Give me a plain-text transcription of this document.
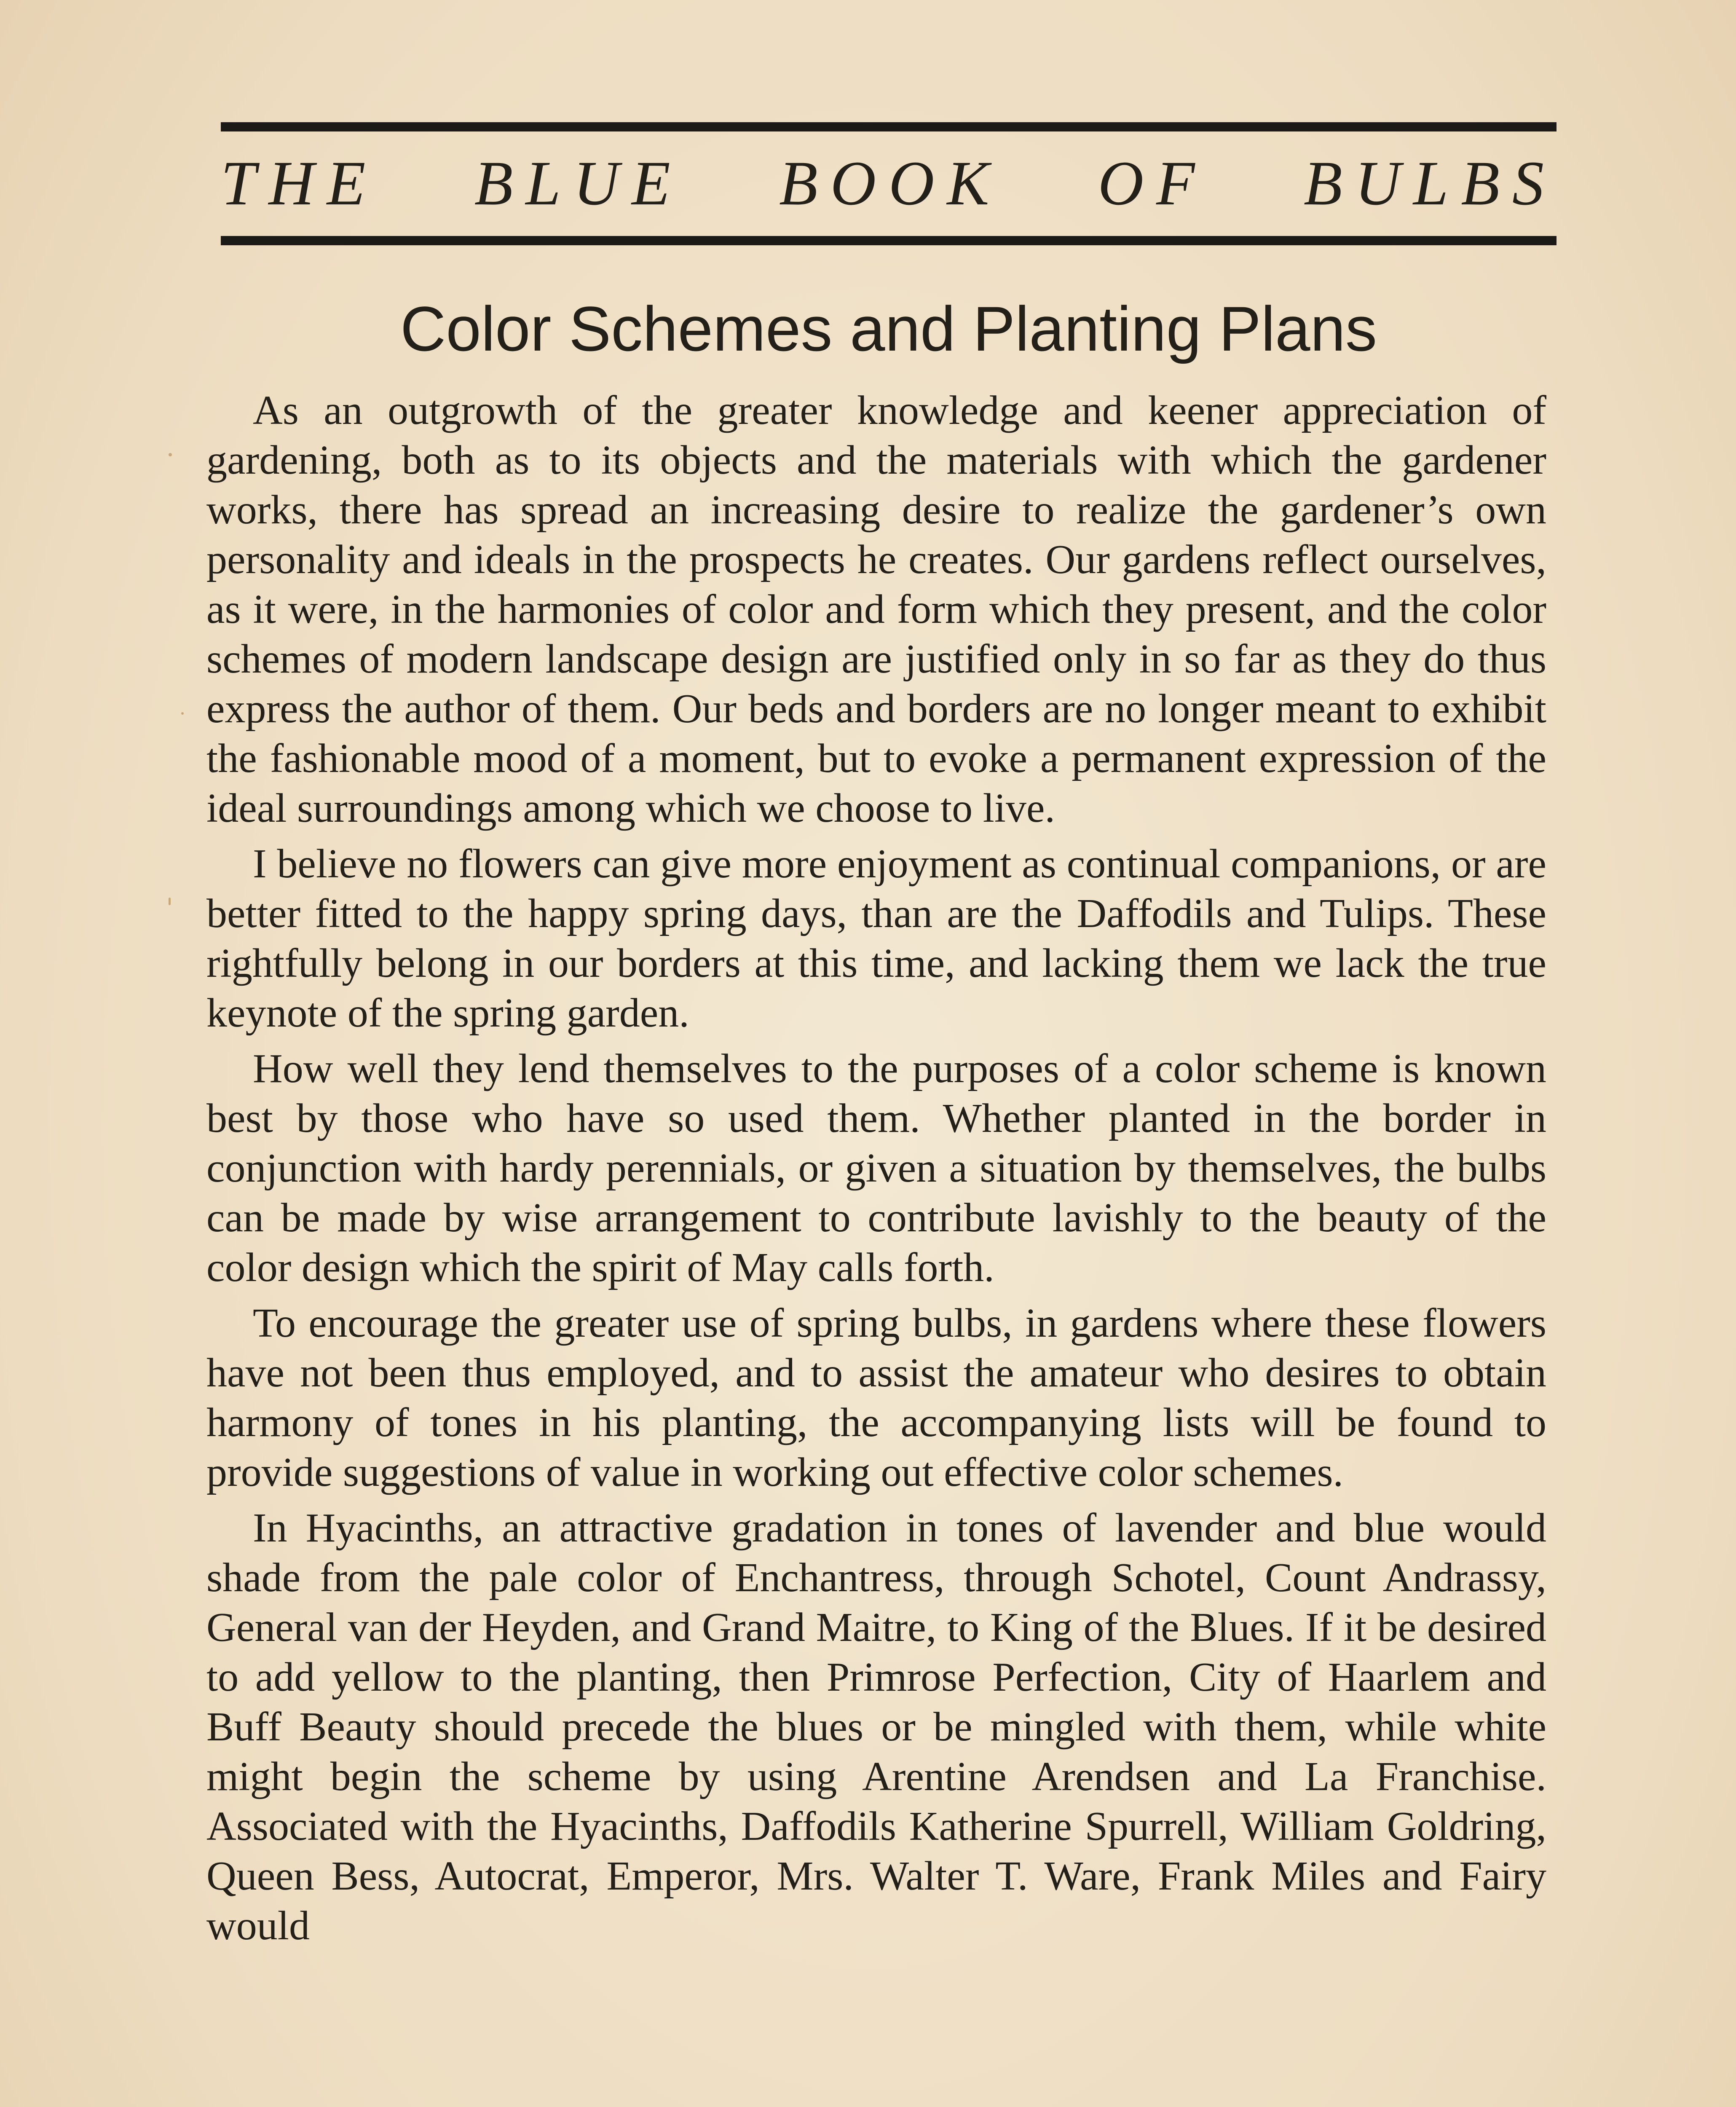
THE BLUE BOOK OF BULBS
Color Schemes and Planting Plans

As an outgrowth of the greater knowledge and keener appreciation of gardening, both as to its objects and the materials with which the gardener works, there has spread an increasing desire to realize the gardener’s own personality and ideals in the prospects he creates. Our gardens reflect ourselves, as it were, in the harmonies of color and form which they present, and the color schemes of modern landscape design are justified only in so far as they do thus express the author of them. Our beds and borders are no longer meant to exhibit the fashionable mood of a moment, but to evoke a permanent expression of the ideal surroundings among which we choose to live.

I believe no flowers can give more enjoyment as continual companions, or are better fitted to the happy spring days, than are the Daffodils and Tulips. These rightfully belong in our borders at this time, and lacking them we lack the true keynote of the spring garden.

How well they lend themselves to the purposes of a color scheme is known best by those who have so used them. Whether planted in the border in conjunction with hardy perennials, or given a situation by themselves, the bulbs can be made by wise arrangement to contribute lavishly to the beauty of the color design which the spirit of May calls forth.

To encourage the greater use of spring bulbs, in gardens where these flowers have not been thus employed, and to assist the amateur who desires to obtain harmony of tones in his planting, the accompanying lists will be found to provide suggestions of value in working out effective color schemes.

In Hyacinths, an attractive gradation in tones of lavender and blue would shade from the pale color of Enchantress, through Schotel, Count Andrassy, General van der Heyden, and Grand Maitre, to King of the Blues. If it be desired to add yellow to the planting, then Primrose Perfection, City of Haarlem and Buff Beauty should precede the blues or be mingled with them, while white might begin the scheme by using Arentine Arendsen and La Franchise. Associated with the Hyacinths, Daffodils Katherine Spurrell, William Goldring, Queen Bess, Autocrat, Emperor, Mrs. Walter T. Ware, Frank Miles and Fairy would
